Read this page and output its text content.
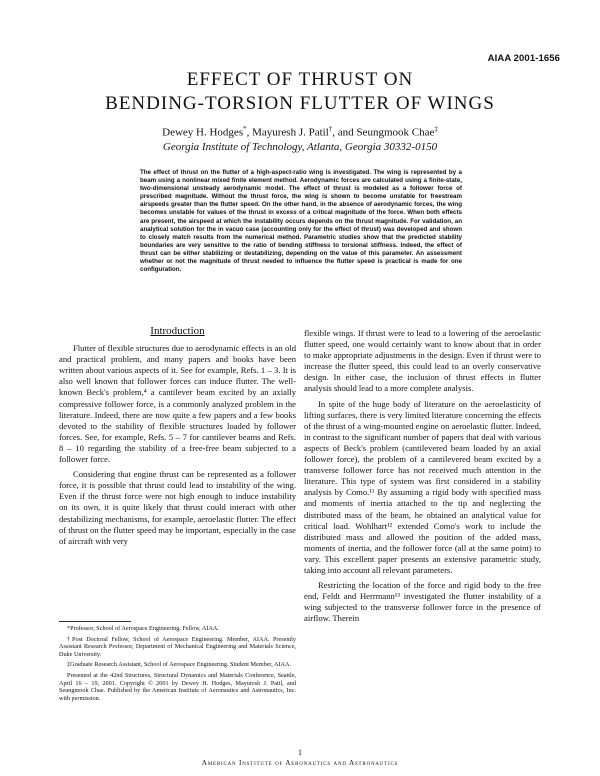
AIAA 2001-1656
EFFECT OF THRUST ON
BENDING-TORSION FLUTTER OF WINGS
Dewey H. Hodges*, Mayuresh J. Patil†, and Seungmook Chae‡
Georgia Institute of Technology, Atlanta, Georgia 30332-0150

The effect of thrust on the flutter of a high-aspect-ratio wing is investigated. The wing is represented by a beam using a nonlinear mixed finite element method. Aerodynamic forces are calculated using a finite-state, two-dimensional unsteady aerodynamic model. The effect of thrust is modeled as a follower force of prescribed magnitude. Without the thrust force, the wing is shown to become unstable for freestream airspeeds greater than the flutter speed. On the other hand, in the absence of aerodynamic forces, the wing becomes unstable for values of the thrust in excess of a critical magnitude of the force. When both effects are present, the airspeed at which the instability occurs depends on the thrust magnitude. For validation, an analytical solution for the in vacuo case (accounting only for the effect of thrust) was developed and shown to closely match results from the numerical method. Parametric studies show that the predicted stability boundaries are very sensitive to the ratio of bending stiffness to torsional stiffness. Indeed, the effect of thrust can be either stabilizing or destabilizing, depending on the value of this parameter. An assessment whether or not the magnitude of thrust needed to influence the flutter speed is practical is made for one configuration.

Introduction

Flutter of flexible structures due to aerodynamic effects is an old and practical problem, and many papers and books have been written about various aspects of it. See for example, Refs. 1 – 3. It is also well known that follower forces can induce flutter. The well-known Beck's problem,⁴ a cantilever beam excited by an axially compressive follower force, is a commonly analyzed problem in the literature. Indeed, there are now quite a few papers and a few books devoted to the stability of flexible structures loaded by follower forces. See, for example, Refs. 5 – 7 for cantilever beams and Refs. 8 – 10 regarding the stability of a free-free beam subjected to a follower force.

Considering that engine thrust can be represented as a follower force, it is possible that thrust could lead to instability of the wing. Even if the thrust force were not high enough to induce instability on its own, it is quite likely that thrust could interact with other destabilizing mechanisms, for example, aeroelastic flutter. The effect of thrust on the flutter speed may be important, especially in the case of aircraft with very

flexible wings. If thrust were to lead to a lowering of the aeroelastic flutter speed, one would certainly want to know about that in order to make appropriate adjustments in the design. Even if thrust were to increase the flutter speed, this could lead to an overly conservative design. In either case, the inclusion of thrust effects in flutter analysis should lead to a more complete analysis.

In spite of the huge body of literature on the aeroelasticity of lifting surfaces, there is very limited literature concerning the effects of the thrust of a wing-mounted engine on aeroelastic flutter. Indeed, in contrast to the significant number of papers that deal with various aspects of Beck's problem (cantilevered beam loaded by an axial follower force), the problem of a cantilevered beam excited by a transverse follower force has not received much attention in the literature. This type of system was first considered in a stability analysis by Como.¹¹ By assuming a rigid body with specified mass and moments of inertia attached to the tip and neglecting the distributed mass of the beam, he obtained an analytical value for critical load. Wohlhart¹² extended Como's work to include the distributed mass and allowed the position of the added mass, moments of inertia, and the follower force (all at the same point) to vary. This excellent paper presents an extensive parametric study, taking into account all relevant parameters.

Restricting the location of the force and rigid body to the free end, Feldt and Herrmann¹³ investigated the flutter instability of a wing subjected to the transverse follower force in the presence of airflow. Therein

*Professor, School of Aerospace Engineering. Fellow, AIAA.

†Post Doctoral Fellow, School of Aerospace Engineering. Member, AIAA. Presently Assistant Research Professor, Department of Mechanical Engineering and Materials Science, Duke University.

‡Graduate Research Assistant, School of Aerospace Engineering. Student Member, AIAA.

Presented at the 42nd Structures, Structural Dynamics and Materials Conference, Seattle, April 16 – 19, 2001. Copyright © 2001 by Dewey H. Hodges, Mayuresh J. Patil, and Seungmook Chae. Published by the American Institute of Aeronautics and Astronautics, Inc. with permission.

1
American Institute of Aeronautics and Astronautics
